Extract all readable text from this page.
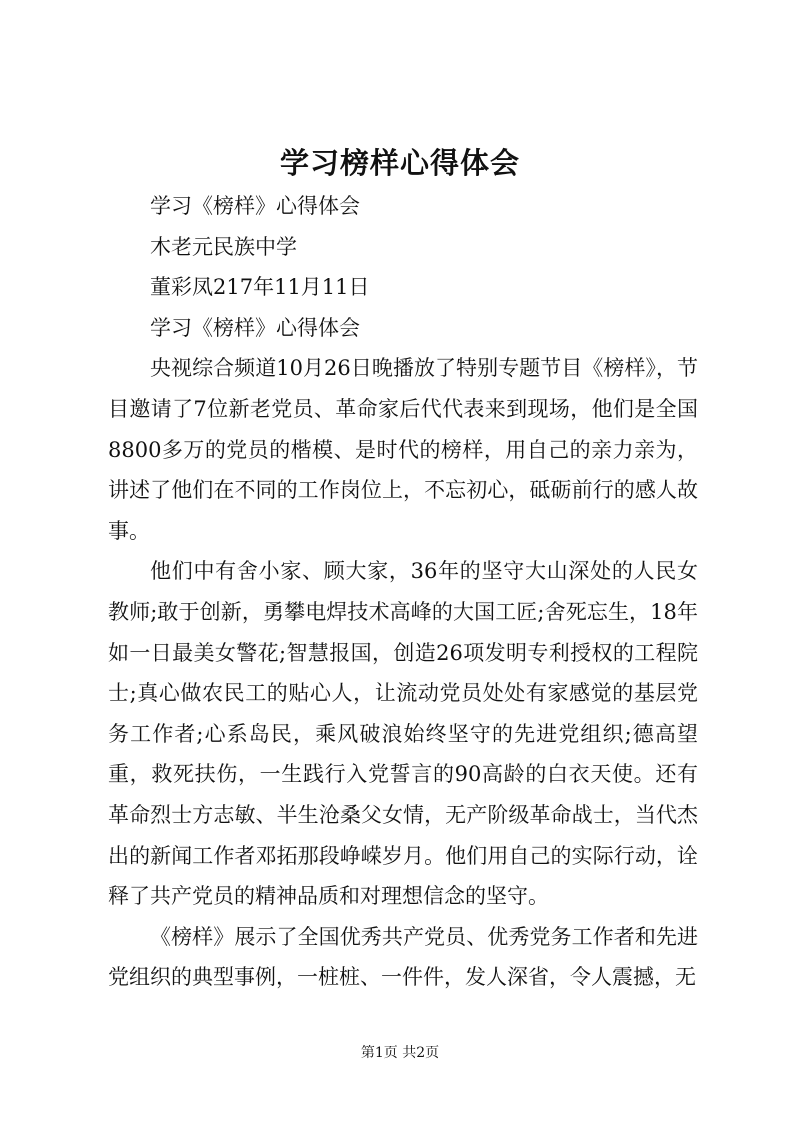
学习榜样心得体会

学习《榜样》心得体会

木老元民族中学

董彩凤217年11月11日

学习《榜样》心得体会

央视综合频道10月26日晚播放了特别专题节目《榜样》，节目邀请了7位新老党员、革命家后代代表来到现场，他们是全国8800多万的党员的楷模、是时代的榜样，用自己的亲力亲为，讲述了他们在不同的工作岗位上，不忘初心，砥砺前行的感人故事。

他们中有舍小家、顾大家，36年的坚守大山深处的人民女教师;敢于创新，勇攀电焊技术高峰的大国工匠;舍死忘生，18年如一日最美女警花;智慧报国，创造26项发明专利授权的工程院士;真心做农民工的贴心人，让流动党员处处有家感觉的基层党务工作者;心系岛民，乘风破浪始终坚守的先进党组织;德高望重，救死扶伤，一生践行入党誓言的90高龄的白衣天使。还有革命烈士方志敏、半生沧桑父女情，无产阶级革命战士，当代杰出的新闻工作者邓拓那段峥嵘岁月。他们用自己的实际行动，诠释了共产党员的精神品质和对理想信念的坚守。

《榜样》展示了全国优秀共产党员、优秀党务工作者和先进党组织的典型事例，一桩桩、一件件，发人深省，令人震撼，无

第1页 共2页
